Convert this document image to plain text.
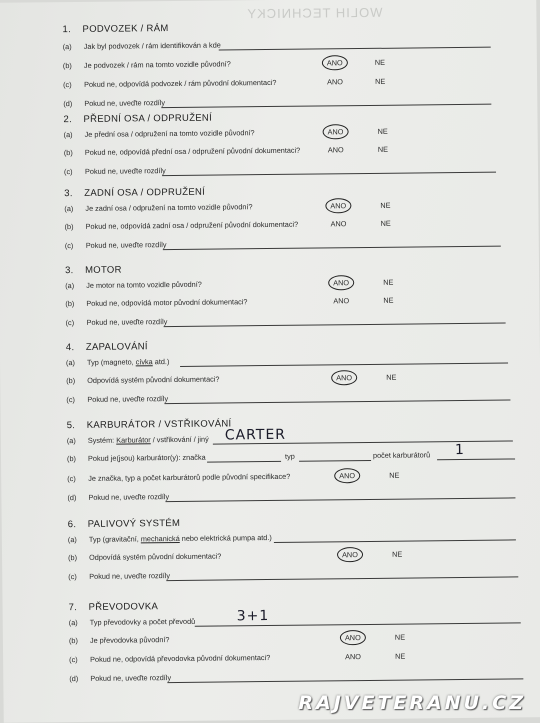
WOLIH TECHNICKY
1. PODVOZEK / RÁM
(a) Jak byl podvozek / rám identifikován a kde
(b) Je podvozek / rám na tomto vozidle původní?	ANO	NE
(c) Pokud ne, odpovídá podvozek / rám původní dokumentaci?	ANO	NE
(d) Pokud ne, uveďte rozdíly
2. PŘEDNÍ OSA / ODPRUŽENÍ
(a) Je přední osa / odpružení na tomto vozidle původní?	ANO	NE
(b) Pokud ne, odpovídá přední osa / odpružení původní dokumentaci?	ANO	NE
(c) Pokud ne, uveďte rozdíly
3. ZADNÍ OSA / ODPRUŽENÍ
(a) Je zadní osa / odpružení na tomto vozidle původní?	ANO	NE
(b) Pokud ne, odpovídá zadní osa / odpružení původní dokumentaci?	ANO	NE
(c) Pokud ne, uveďte rozdíly
3. MOTOR
(a) Je motor na tomto vozidle původní?	ANO	NE
(b) Pokud ne, odpovídá motor původní dokumentaci?	ANO	NE
(c) Pokud ne, uveďte rozdíly
4. ZAPALOVÁNÍ
(a) Typ (magneto, cívka atd.)
(b) Odpovídá systém původní dokumentaci?	ANO	NE
(c) Pokud ne, uveďte rozdíly
5. KARBURÁTOR / VSTŘIKOVÁNÍ
(a) Systém: Karburátor / vstřikování / jiný CARTER
(b) Pokud je(jsou) karburátor(y): značka	typ	počet karburátorů 1
(c) Je značka, typ a počet karburátorů podle původní specifikace?	ANO	NE
(d) Pokud ne, uveďte rozdíly
6. PALIVOVÝ SYSTÉM
(a) Typ (gravitační, mechanická nebo elektrická pumpa atd.)
(b) Odpovídá systém původní dokumentaci?	ANO	NE
(c) Pokud ne, uveďte rozdíly
7. PŘEVODOVKA
(a) Typ převodovky a počet převodů	3+1
(b) Je převodovka původní?	ANO	NE
(c) Pokud ne, odpovídá převodovka původní dokumentaci?	ANO	NE
(d) Pokud ne, uveďte rozdíly
RAJVETERANU.CZ
